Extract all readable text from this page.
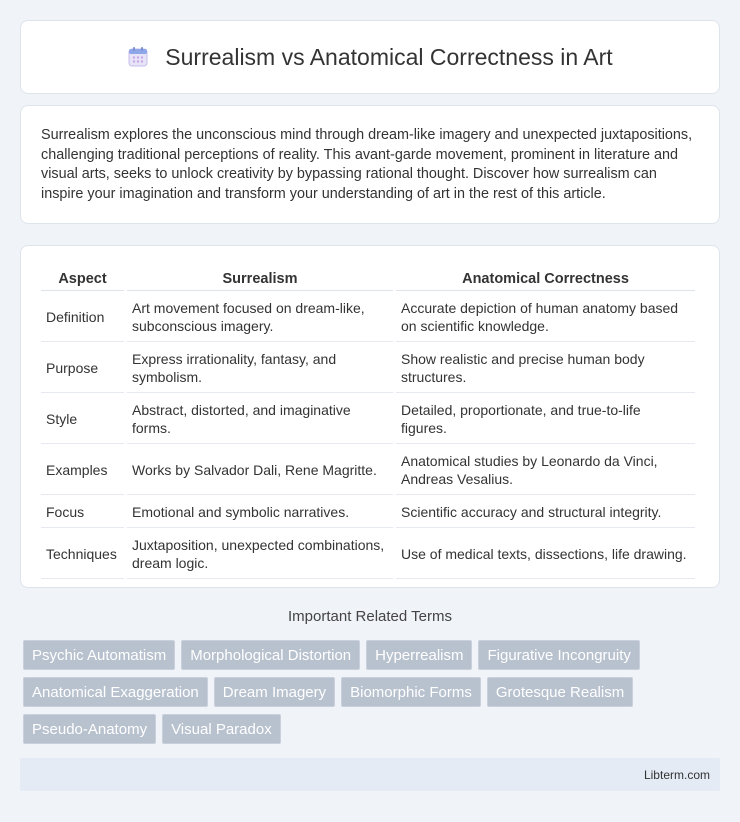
Surrealism vs Anatomical Correctness in Art

Surrealism explores the unconscious mind through dream-like imagery and unexpected juxtapositions, challenging traditional perceptions of reality. This avant-garde movement, prominent in literature and visual arts, seeks to unlock creativity by bypassing rational thought. Discover how surrealism can inspire your imagination and transform your understanding of art in the rest of this article.

Aspect	Surrealism	Anatomical Correctness
Definition	Art movement focused on dream-like, subconscious imagery.	Accurate depiction of human anatomy based on scientific knowledge.
Purpose	Express irrationality, fantasy, and symbolism.	Show realistic and precise human body structures.
Style	Abstract, distorted, and imaginative forms.	Detailed, proportionate, and true-to-life figures.
Examples	Works by Salvador Dali, Rene Magritte.	Anatomical studies by Leonardo da Vinci, Andreas Vesalius.
Focus	Emotional and symbolic narratives.	Scientific accuracy and structural integrity.
Techniques	Juxtaposition, unexpected combinations, dream logic.	Use of medical texts, dissections, life drawing.
Important Related Terms
Psychic Automatism	Morphological Distortion	Hyperrealism	Figurative Incongruity
Anatomical Exaggeration	Dream Imagery	Biomorphic Forms	Grotesque Realism
Pseudo-Anatomy	Visual Paradox
Libterm.com
